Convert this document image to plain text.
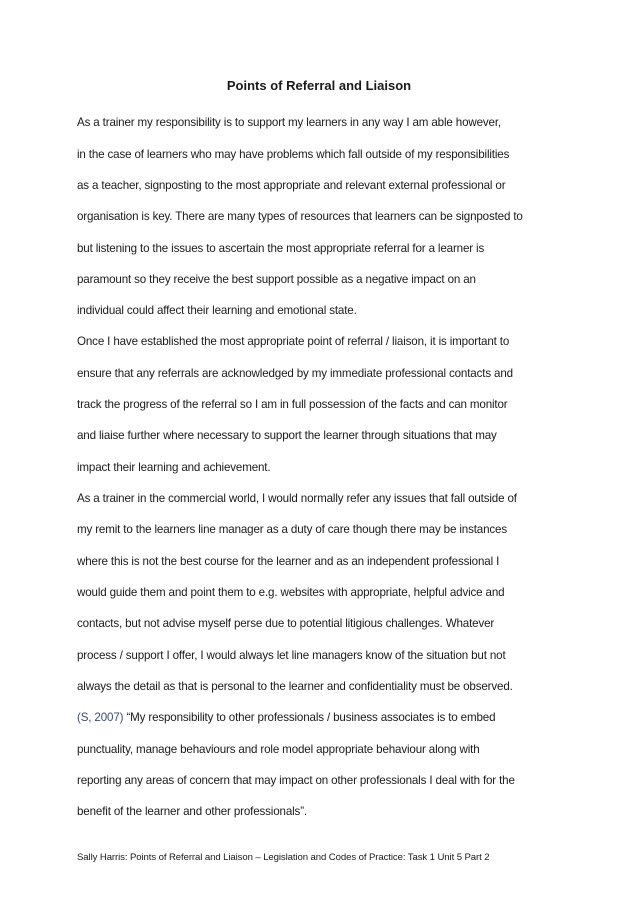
Points of Referral and Liaison
As a trainer my responsibility is to support my learners in any way I am able however,
in the case of learners who may have problems which fall outside of my responsibilities
as a teacher, signposting to the most appropriate and relevant external professional or
organisation is key. There are many types of resources that learners can be signposted to
but listening to the issues to ascertain the most appropriate referral for a learner is
paramount so they receive the best support possible as a negative impact on an
individual could affect their learning and emotional state.
Once I have established the most appropriate point of referral / liaison, it is important to
ensure that any referrals are acknowledged by my immediate professional contacts and
track the progress of the referral so I am in full possession of the facts and can monitor
and liaise further where necessary to support the learner through situations that may
impact their learning and achievement.
As a trainer in the commercial world, I would normally refer any issues that fall outside of
my remit to the learners line manager as a duty of care though there may be instances
where this is not the best course for the learner and as an independent professional I
would guide them and point them to e.g. websites with appropriate, helpful advice and
contacts, but not advise myself perse due to potential litigious challenges. Whatever
process / support I offer, I would always let line managers know of the situation but not
always the detail as that is personal to the learner and confidentiality must be observed.
(S, 2007) “My responsibility to other professionals / business associates is to embed
punctuality, manage behaviours and role model appropriate behaviour along with
reporting any areas of concern that may impact on other professionals I deal with for the
benefit of the learner and other professionals”.
Sally Harris: Points of Referral and Liaison – Legislation and Codes of Practice: Task 1 Unit 5 Part 2
